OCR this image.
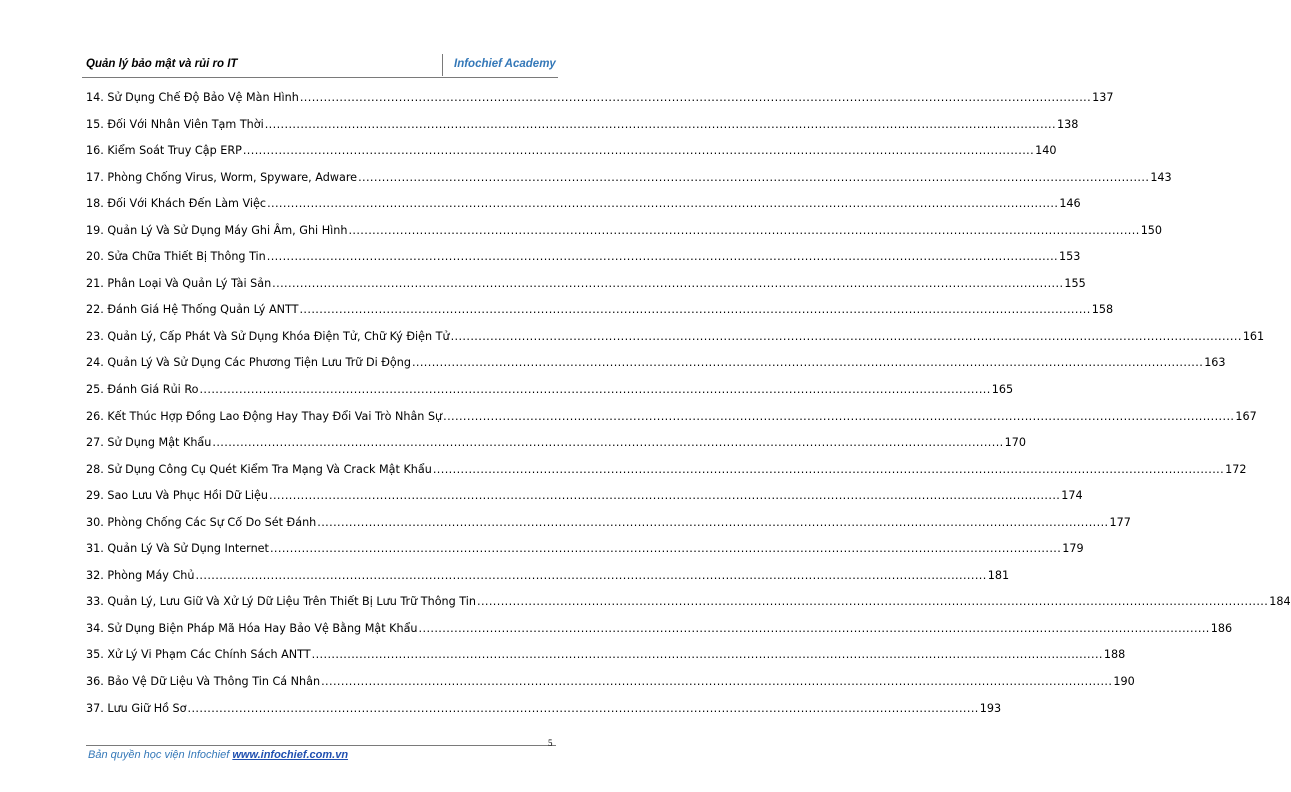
Quản lý bảo mật và rủi ro IT	Infochief Academy
14. Sử Dụng Chế Độ Bảo Vệ Màn Hình ........................................................................................................................................................................................................ 137
15. Đối Với Nhân Viên Tạm Thời ........................................................................................................................................................................................................ 138
16. Kiểm Soát Truy Cập ERP ........................................................................................................................................................................................................ 140
17. Phòng Chống Virus, Worm, Spyware, Adware ........................................................................................................................................................................................................ 143
18. Đối Với Khách Đến Làm Việc ........................................................................................................................................................................................................ 146
19. Quản Lý Và Sử Dụng Máy Ghi Âm, Ghi Hình ........................................................................................................................................................................................................ 150
20. Sửa Chữa Thiết Bị Thông Tin ........................................................................................................................................................................................................ 153
21. Phân Loại Và Quản Lý Tài Sản ........................................................................................................................................................................................................ 155
22. Đánh Giá Hệ Thống Quản Lý ANTT ........................................................................................................................................................................................................ 158
23. Quản Lý, Cấp Phát Và Sử Dụng Khóa Điện Tử, Chữ Ký Điện Tử ........................................................................................................................................................................................................ 161
24. Quản Lý Và Sử Dụng Các Phương Tiện Lưu Trữ Di Động ........................................................................................................................................................................................................ 163
25. Đánh Giá Rủi Ro ........................................................................................................................................................................................................ 165
26. Kết Thúc Hợp Đồng Lao Động Hay Thay Đổi Vai Trò Nhân Sự ........................................................................................................................................................................................................ 167
27. Sử Dụng Mật Khẩu ........................................................................................................................................................................................................ 170
28. Sử Dụng Công Cụ Quét Kiểm Tra Mạng Và Crack Mật Khẩu ........................................................................................................................................................................................................ 172
29. Sao Lưu Và Phục Hồi Dữ Liệu ........................................................................................................................................................................................................ 174
30. Phòng Chống Các Sự Cố Do Sét Đánh ........................................................................................................................................................................................................ 177
31. Quản Lý Và Sử Dụng Internet ........................................................................................................................................................................................................ 179
32. Phòng Máy Chủ ........................................................................................................................................................................................................ 181
33. Quản Lý, Lưu Giữ Và Xử Lý Dữ Liệu Trên Thiết Bị Lưu Trữ Thông Tin ........................................................................................................................................................................................................ 184
34. Sử Dụng Biện Pháp Mã Hóa Hay Bảo Vệ Bằng Mật Khẩu ........................................................................................................................................................................................................ 186
35. Xử Lý Vi Phạm Các Chính Sách ANTT ........................................................................................................................................................................................................ 188
36. Bảo Vệ Dữ Liệu Và Thông Tin Cá Nhân ........................................................................................................................................................................................................ 190
37. Lưu Giữ Hồ Sơ ........................................................................................................................................................................................................ 193
5
Bản quyền học viện Infochief www.infochief.com.vn
